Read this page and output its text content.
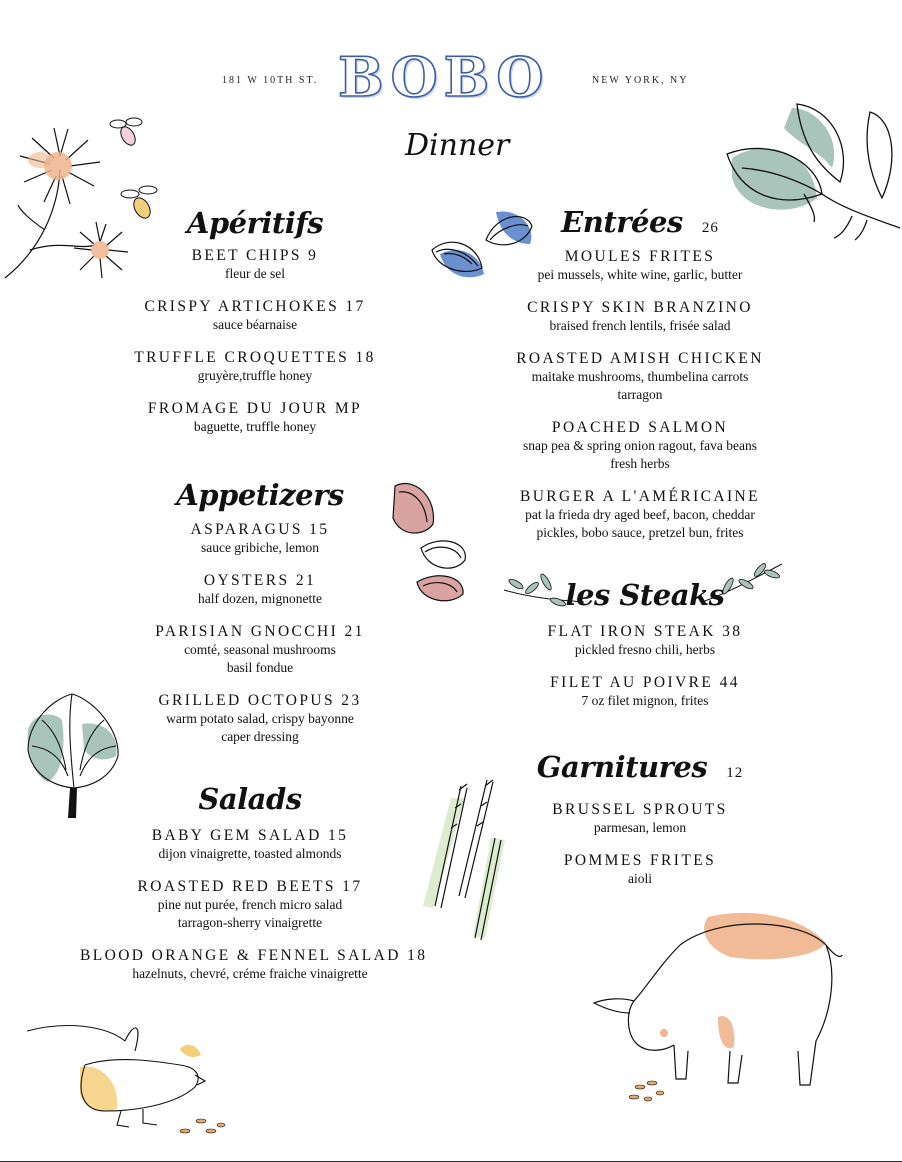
181 W 10TH ST. BOBO	NEW YORK, NY
Dinner
Apéritifs
BEET CHIPS 9
fleur de sel
CRISPY ARTICHOKES 17
sauce béarnaise
TRUFFLE CROQUETTES 18
gruyère,truffle honey
FROMAGE DU JOUR MP
baguette, truffle honey
Appetizers
ASPARAGUS 15
sauce gribiche, lemon
OYSTERS 21
half dozen, mignonette
PARISIAN GNOCCHI 21
comté, seasonal mushrooms
basil fondue
GRILLED OCTOPUS 23
warm potato salad, crispy bayonne
caper dressing
Salads
BABY GEM SALAD 15
dijon vinaigrette, toasted almonds
ROASTED RED BEETS 17
pine nut purée, french micro salad
tarragon-sherry vinaigrette
BLOOD ORANGE & FENNEL SALAD 18
hazelnuts, chevré, créme fraiche vinaigrette
Entrées 26
MOULES FRITES
pei mussels, white wine, garlic, butter
CRISPY SKIN BRANZINO
braised french lentils, frisée salad
ROASTED AMISH CHICKEN
maitake mushrooms, thumbelina carrots
tarragon
POACHED SALMON
snap pea & spring onion ragout, fava beans
fresh herbs
BURGER A L'AMÉRICAINE
pat la frieda dry aged beef, bacon, cheddar
pickles, bobo sauce, pretzel bun, frites
les Steaks
FLAT IRON STEAK 38
pickled fresno chili, herbs
FILET AU POIVRE 44
7 oz filet mignon, frites
Garnitures 12
BRUSSEL SPROUTS
parmesan, lemon
POMMES FRITES
aioli
